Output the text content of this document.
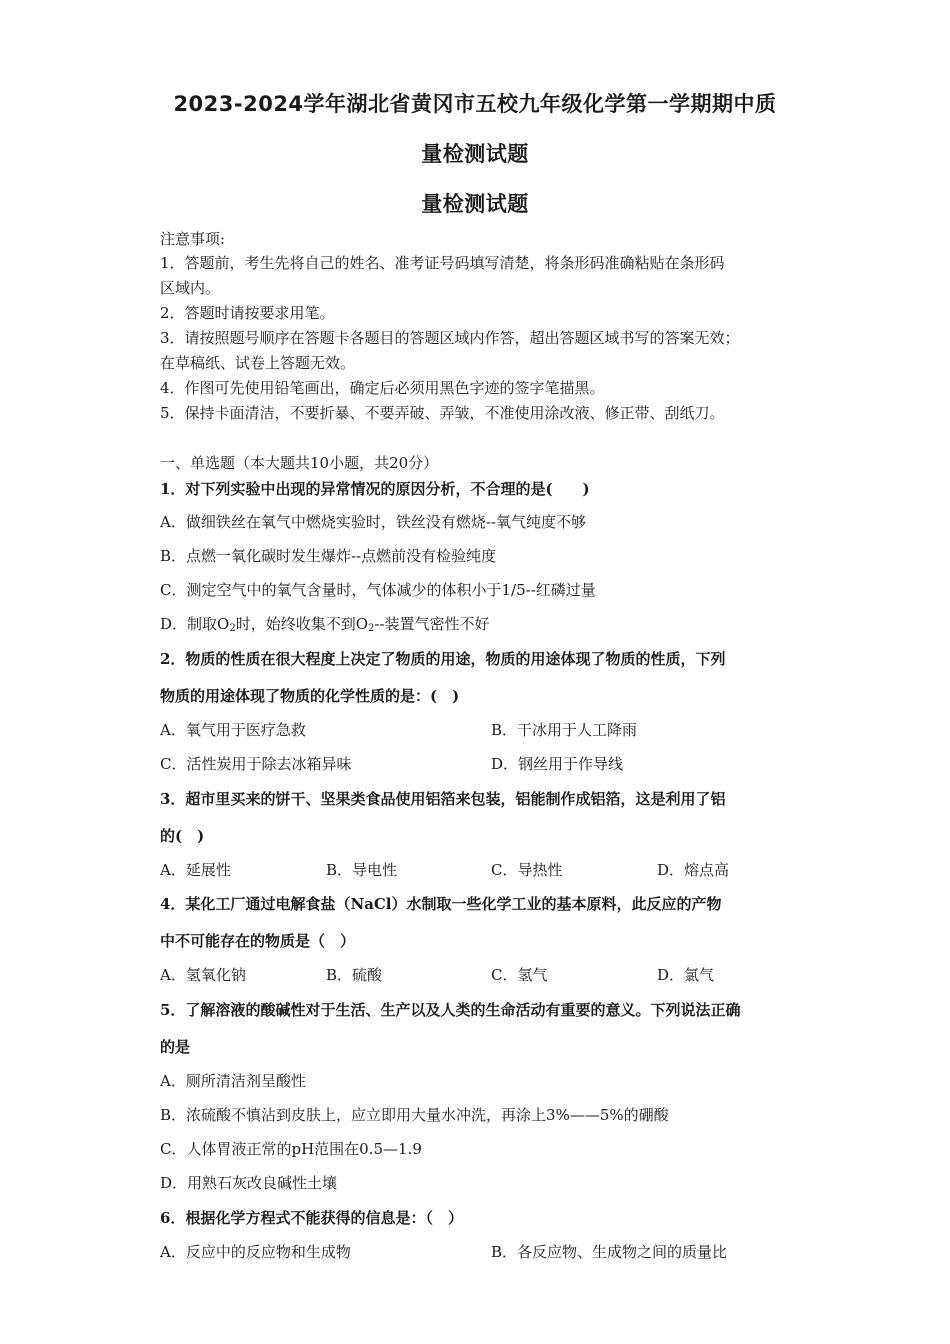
2023-2024学年湖北省黄冈市五校九年级化学第一学期期中质
量检测试题
量检测试题
注意事项:
1．答题前，考生先将自己的姓名、准考证号码填写清楚，将条形码准确粘贴在条形码
区域内。
2．答题时请按要求用笔。
3．请按照题号顺序在答题卡各题目的答题区域内作答，超出答题区域书写的答案无效；
在草稿纸、试卷上答题无效。
4．作图可先使用铅笔画出，确定后必须用黑色字迹的签字笔描黑。
5．保持卡面清洁，不要折暴、不要弄破、弄皱，不准使用涂改液、修正带、刮纸刀。
一、单选题（本大题共10小题，共20分）
1．对下列实验中出现的异常情况的原因分析，不合理的是(　　)
A．做细铁丝在氧气中燃烧实验时，铁丝没有燃烧--氧气纯度不够
B．点燃一氧化碳时发生爆炸--点燃前没有检验纯度
C．测定空气中的氧气含量时，气体减少的体积小于1/5--红磷过量
D．制取$O_2$时，始终收集不到$O_2--$装置气密性不好
2．物质的性质在很大程度上决定了物质的用途，物质的用途体现了物质的性质，下列
物质的用途体现了物质的化学性质的是：(　)
A．氧气用于医疗急救	B．干冰用于人工降雨
C．活性炭用于除去冰箱异味	D．钢丝用于作导线
3．超市里买来的饼干、坚果类食品使用铝箔来包装，铝能制作成铝箔，这是利用了铝
的(　)
A．延展性	B．导电性	C．导热性	D．熔点高
4．某化工厂通过电解食盐（NaCl）水制取一些化学工业的基本原料，此反应的产物
中不可能存在的物质是（　）
A．氢氧化钠	B．硫酸	C．氢气	D．氯气
5．了解溶液的酸碱性对于生活、生产以及人类的生命活动有重要的意义。下列说法正确
的是
A．厕所清洁剂呈酸性
B．浓硫酸不慎沾到皮肤上，应立即用大量水冲洗，再涂上3%——5%的硼酸
C．人体胃液正常的pH范围在0.5—1.9
D．用熟石灰改良碱性土壤
6．根据化学方程式不能获得的信息是：（　）
A．反应中的反应物和生成物	B．各反应物、生成物之间的质量比
